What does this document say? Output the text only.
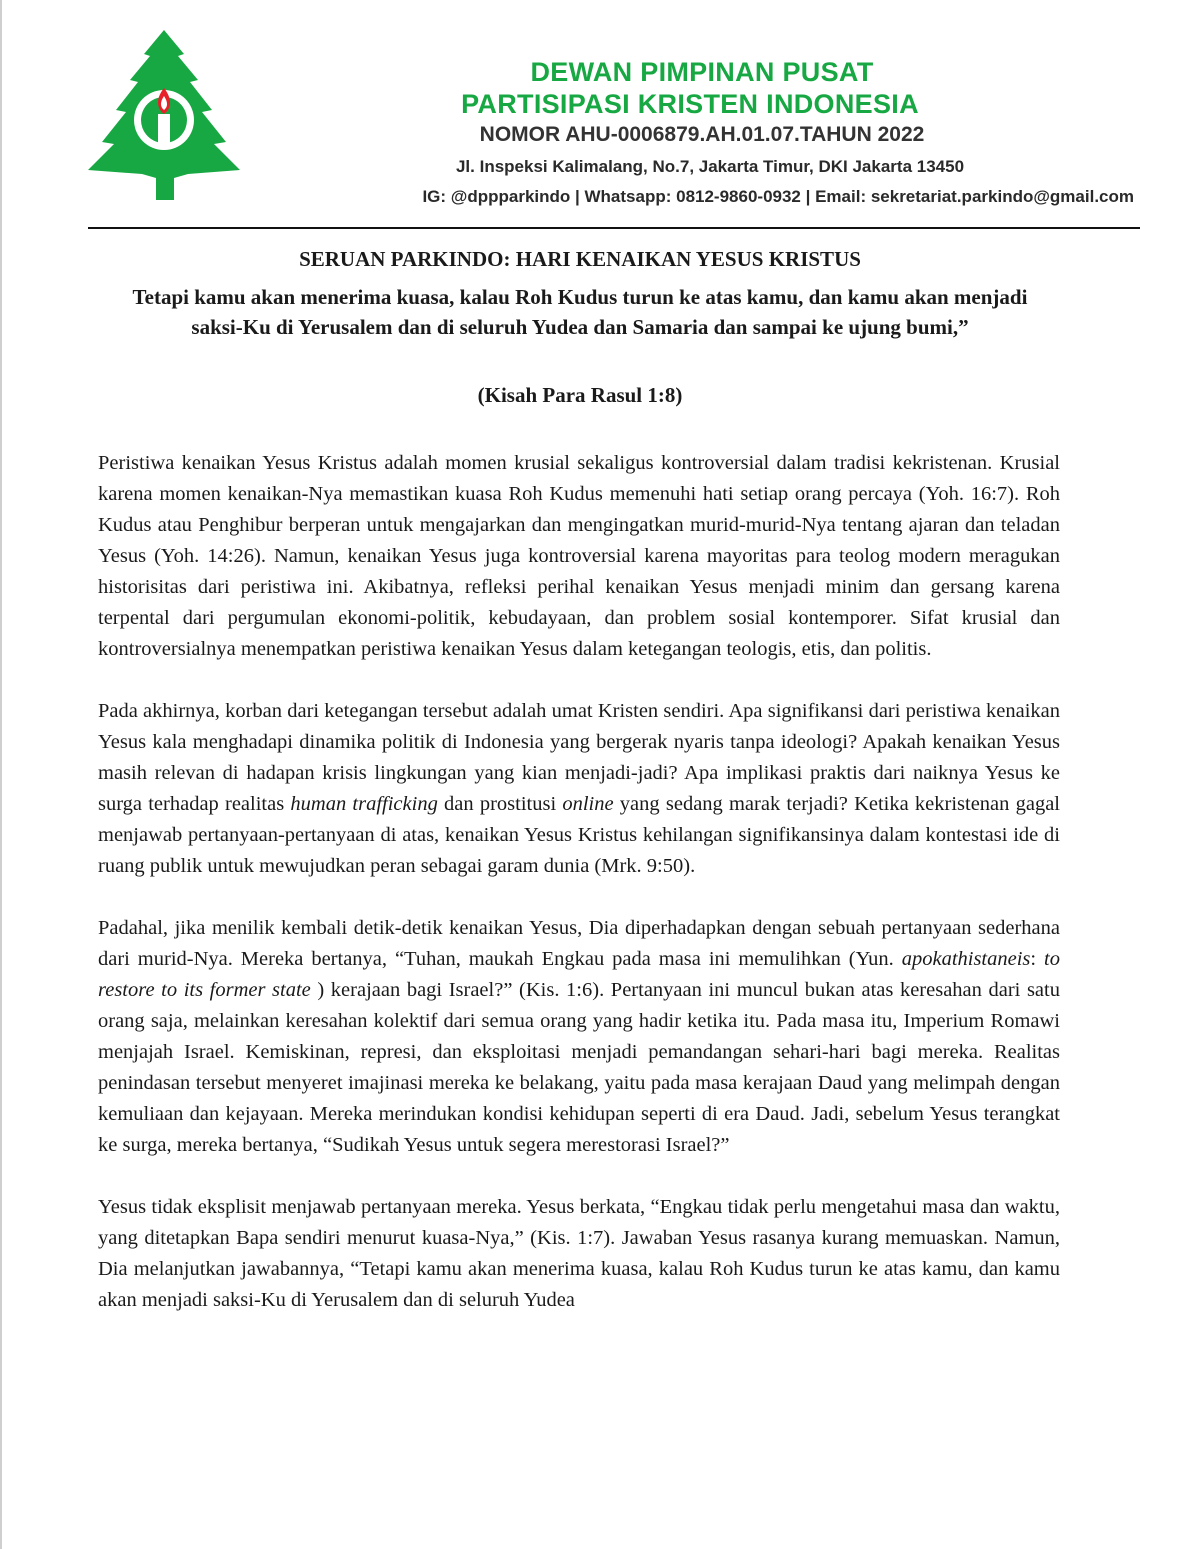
DEWAN PIMPINAN PUSAT
PARTISIPASI KRISTEN INDONESIA
NOMOR AHU-0006879.AH.01.07.TAHUN 2022
Jl. Inspeksi Kalimalang, No.7, Jakarta Timur, DKI Jakarta 13450
IG: @dppparkindo | Whatsapp: 0812-9860-0932 | Email: sekretariat.parkindo@gmail.com
SERUAN PARKINDO: HARI KENAIKAN YESUS KRISTUS
Tetapi kamu akan menerima kuasa, kalau Roh Kudus turun ke atas kamu, dan kamu akan menjadi saksi-Ku di Yerusalem dan di seluruh Yudea dan Samaria dan sampai ke ujung bumi,”
(Kisah Para Rasul 1:8)

Peristiwa kenaikan Yesus Kristus adalah momen krusial sekaligus kontroversial dalam tradisi kekristenan. Krusial karena momen kenaikan-Nya memastikan kuasa Roh Kudus memenuhi hati setiap orang percaya (Yoh. 16:7). Roh Kudus atau Penghibur berperan untuk mengajarkan dan mengingatkan murid-murid-Nya tentang ajaran dan teladan Yesus (Yoh. 14:26). Namun, kenaikan Yesus juga kontroversial karena mayoritas para teolog modern meragukan historisitas dari peristiwa ini. Akibatnya, refleksi perihal kenaikan Yesus menjadi minim dan gersang karena terpental dari pergumulan ekonomi-politik, kebudayaan, dan problem sosial kontemporer. Sifat krusial dan kontroversialnya menempatkan peristiwa kenaikan Yesus dalam ketegangan teologis, etis, dan politis.

Pada akhirnya, korban dari ketegangan tersebut adalah umat Kristen sendiri. Apa signifikansi dari peristiwa kenaikan Yesus kala menghadapi dinamika politik di Indonesia yang bergerak nyaris tanpa ideologi? Apakah kenaikan Yesus masih relevan di hadapan krisis lingkungan yang kian menjadi-jadi? Apa implikasi praktis dari naiknya Yesus ke surga terhadap realitas human trafficking dan prostitusi online yang sedang marak terjadi? Ketika kekristenan gagal menjawab pertanyaan-pertanyaan di atas, kenaikan Yesus Kristus kehilangan signifikansinya dalam kontestasi ide di ruang publik untuk mewujudkan peran sebagai garam dunia (Mrk. 9:50).

Padahal, jika menilik kembali detik-detik kenaikan Yesus, Dia diperhadapkan dengan sebuah pertanyaan sederhana dari murid-Nya. Mereka bertanya, “Tuhan, maukah Engkau pada masa ini memulihkan (Yun. apokathistaneis: to restore to its former state ) kerajaan bagi Israel?” (Kis. 1:6). Pertanyaan ini muncul bukan atas keresahan dari satu orang saja, melainkan keresahan kolektif dari semua orang yang hadir ketika itu. Pada masa itu, Imperium Romawi menjajah Israel. Kemiskinan, represi, dan eksploitasi menjadi pemandangan sehari-hari bagi mereka. Realitas penindasan tersebut menyeret imajinasi mereka ke belakang, yaitu pada masa kerajaan Daud yang melimpah dengan kemuliaan dan kejayaan. Mereka merindukan kondisi kehidupan seperti di era Daud. Jadi, sebelum Yesus terangkat ke surga, mereka bertanya, “Sudikah Yesus untuk segera merestorasi Israel?”

Yesus tidak eksplisit menjawab pertanyaan mereka. Yesus berkata, “Engkau tidak perlu mengetahui masa dan waktu, yang ditetapkan Bapa sendiri menurut kuasa-Nya,” (Kis. 1:7). Jawaban Yesus rasanya kurang memuaskan. Namun, Dia melanjutkan jawabannya, “Tetapi kamu akan menerima kuasa, kalau Roh Kudus turun ke atas kamu, dan kamu akan menjadi saksi-Ku di Yerusalem dan di seluruh Yudea
